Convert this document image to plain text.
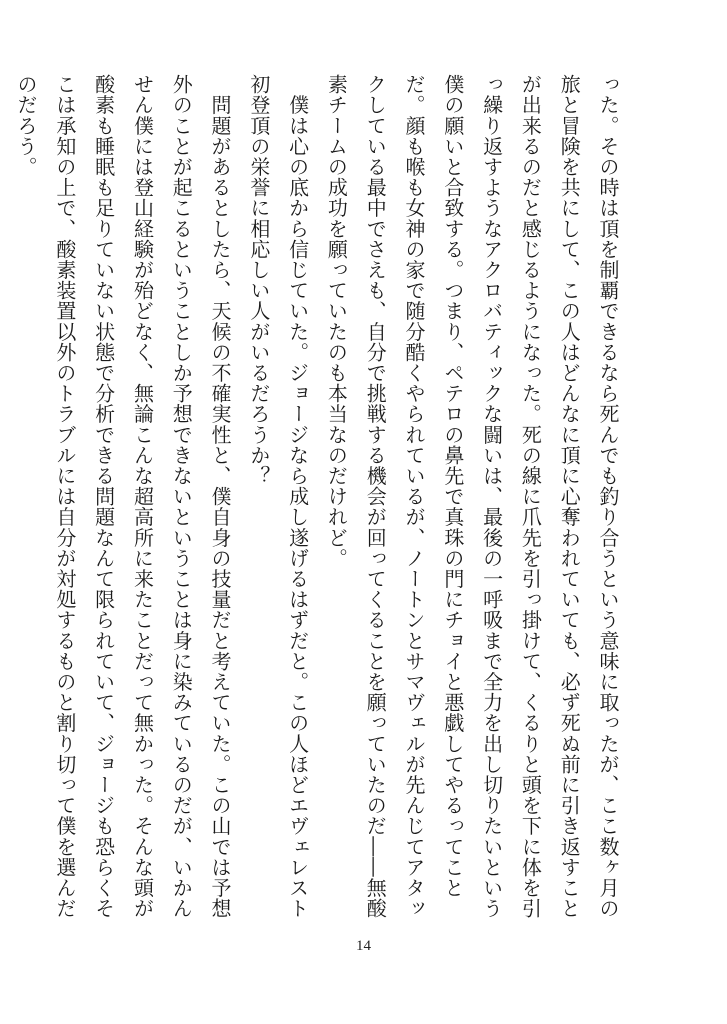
った。その時は頂を制覇できるなら死んでも釣り合うという意味に取ったが、ここ数ヶ月の旅と冒険を共にして、この人はどんなに頂に心奪われていても、必ず死ぬ前に引き返すことが出来るのだと感じるようになった。死の線に爪先を引っ掛けて、くるりと頭を下に体を引っ繰り返すようなアクロバティックな闘いは、最後の一呼吸まで全力を出し切りたいという僕の願いと合致する。つまり、ペテロの鼻先で真珠の門にチョイと悪戯してやるってことだ。顔も喉も女神の家で随分酷くやられているが、ノートンとサマヴェルが先んじてアタックしている最中でさえも、自分で挑戦する機会が回ってくることを願っていたのだ――無酸素チームの成功を願っていたのも本当なのだけれど。

　僕は心の底から信じていた。ジョージなら成し遂げるはずだと。この人ほどエヴェレスト初登頂の栄誉に相応しい人がいるだろうか？

　問題があるとしたら、天候の不確実性と、僕自身の技量だと考えていた。この山では予想外のことが起こるということしか予想できないということは身に染みているのだが、いかんせん僕には登山経験が殆どなく、無論こんな超高所に来たことだって無かった。そんな頭が酸素も睡眠も足りていない状態で分析できる問題なんて限られていて、ジョージも恐らくそこは承知の上で、酸素装置以外のトラブルには自分が対処するものと割り切って僕を選んだのだろう。

14
